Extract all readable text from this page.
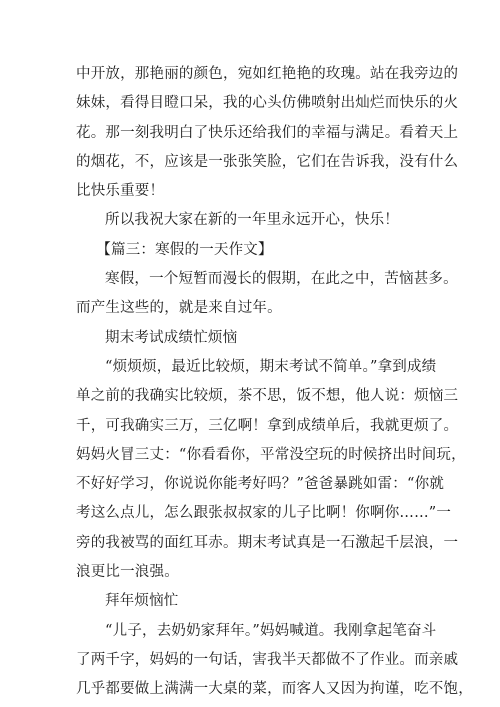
中开放，那艳丽的颜色，宛如红艳艳的玫瑰。站在我旁边的
妹妹，看得目瞪口呆，我的心头仿佛喷射出灿烂而快乐的火
花。那一刻我明白了快乐还给我们的幸福与满足。看着天上
的烟花，不，应该是一张张笑脸，它们在告诉我，没有什么
比快乐重要！

所以我祝大家在新的一年里永远开心，快乐！

【篇三：寒假的一天作文】

寒假，一个短暂而漫长的假期，在此之中，苦恼甚多。
而产生这些的，就是来自过年。

期末考试成绩忙烦恼

“烦烦烦，最近比较烦，期末考试不简单。”拿到成绩
单之前的我确实比较烦，茶不思，饭不想，他人说：烦恼三
千，可我确实三万，三亿啊！拿到成绩单后，我就更烦了。
妈妈火冒三丈：“你看看你，平常没空玩的时候挤出时间玩，
不好好学习，你说说你能考好吗？”爸爸暴跳如雷：“你就
考这么点儿，怎么跟张叔叔家的儿子比啊！你啊你……”一
旁的我被骂的面红耳赤。期末考试真是一石激起千层浪，一
浪更比一浪强。

拜年烦恼忙

“儿子，去奶奶家拜年。”妈妈喊道。我刚拿起笔奋斗
了两千字，妈妈的一句话，害我半天都做不了作业。而亲戚
几乎都要做上满满一大桌的菜，而客人又因为拘谨，吃不饱，
